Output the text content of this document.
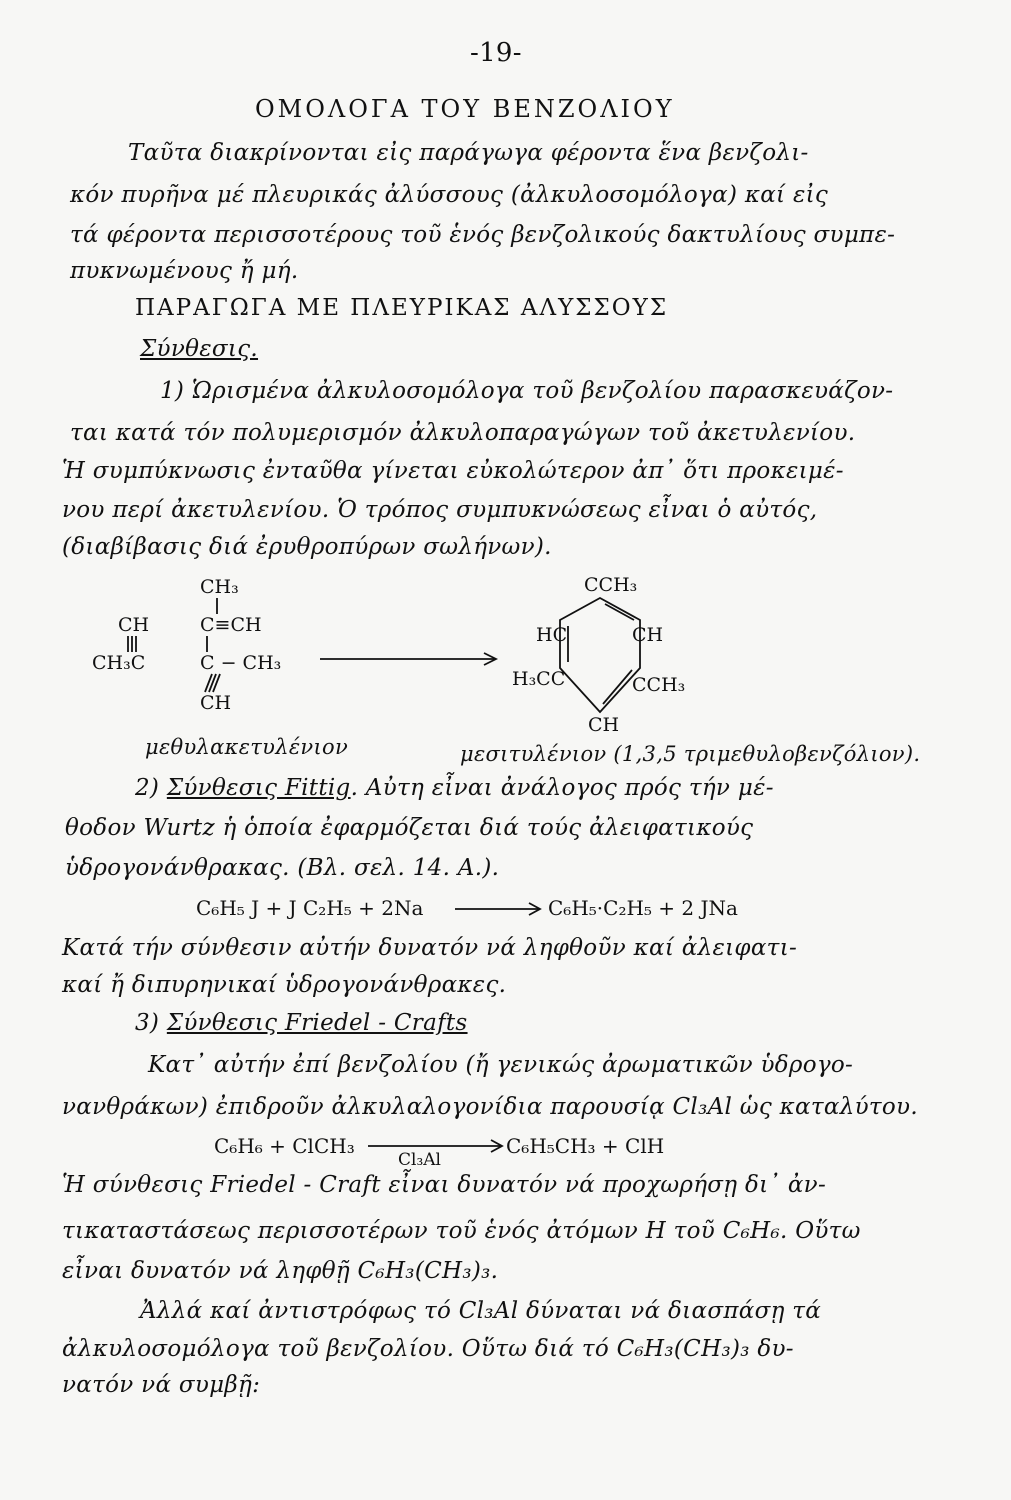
-19-
ΟΜΟΛΟΓΑ ΤΟΥ ΒΕΝΖΟΛΙΟΥ
Ταῦτα διακρίνονται εἰς παράγωγα φέροντα ἕνα βενζολι-
κόν πυρῆνα μέ πλευρικάς ἀλύσσους (ἀλκυλοσομόλογα) καί εἰς
τά φέροντα περισσοτέρους τοῦ ἑνός βενζολικούς δακτυλίους συμπε-
πυκνωμένους ἤ μή.
ΠΑΡΑΓΩΓΑ ΜΕ ΠΛΕΥΡΙΚΑΣ ΑΛΥΣΣΟΥΣ
Σύνθεσις.
1) Ὡρισμένα ἀλκυλοσομόλογα τοῦ βενζολίου παρασκευάζον-
ται κατά τόν πολυμερισμόν ἀλκυλοπαραγώγων τοῦ ἀκετυλενίου.
Ἡ συμπύκνωσις ἐνταῦθα γίνεται εὐκολώτερον ἀπ᾽ ὅτι προκειμέ-
νου περί ἀκετυλενίου. Ὁ τρόπος συμπυκνώσεως εἶναι ὁ αὐτός,
(διαβίβασις διά ἐρυθροπύρων σωλήνων).
CH₃
CH	C≡CH
CH₃C	C − CH₃
CH
CCH₃
HC	CH
H₃CC	CCH₃
CH
μεθυλακετυλένιον	μεσιτυλένιον (1,3,5 τριμεθυλοβενζόλιον).
2) Σύνθεσις Fittig. Αὐτη εἶναι ἀνάλογος πρός τήν μέ-
θοδον Wurtz ἡ ὁποία ἐφαρμόζεται διά τούς ἀλειφατικούς
ὑδρογονάνθρακας. (Βλ. σελ. 14. Α.).
C₆H₅ J + J C₂H₅ + 2Na	C₆H₅·C₂H₅ + 2 JNa
Κατά τήν σύνθεσιν αὐτήν δυνατόν νά ληφθοῦν καί ἀλειφατι-
καί ἤ διπυρηνικαί ὑδρογονάνθρακες.
3) Σύνθεσις Friedel - Crafts
Κατ᾽ αὐτήν ἐπί βενζολίου (ἤ γενικώς ἀρωματικῶν ὑδρογο-
νανθράκων) ἐπιδροῦν ἀλκυλαλογονίδια παρουσίᾳ Cl₃Al ὡς καταλύτου.
C₆H₆ + ClCH₃
Cl₃Al
C₆H₅CH₃ + ClH
Ἡ σύνθεσις Friedel - Craft εἶναι δυνατόν νά προχωρήσῃ δι᾽ ἀν-
τικαταστάσεως περισσοτέρων τοῦ ἑνός ἀτόμων H τοῦ C₆H₆. Οὕτω
εἶναι δυνατόν νά ληφθῇ C₆H₃(CH₃)₃.
Ἀλλά καί ἀντιστρόφως τό Cl₃Al δύναται νά διασπάσῃ τά
ἀλκυλοσομόλογα τοῦ βενζολίου. Οὕτω διά τό C₆H₃(CH₃)₃ δυ-
νατόν νά συμβῇ:
